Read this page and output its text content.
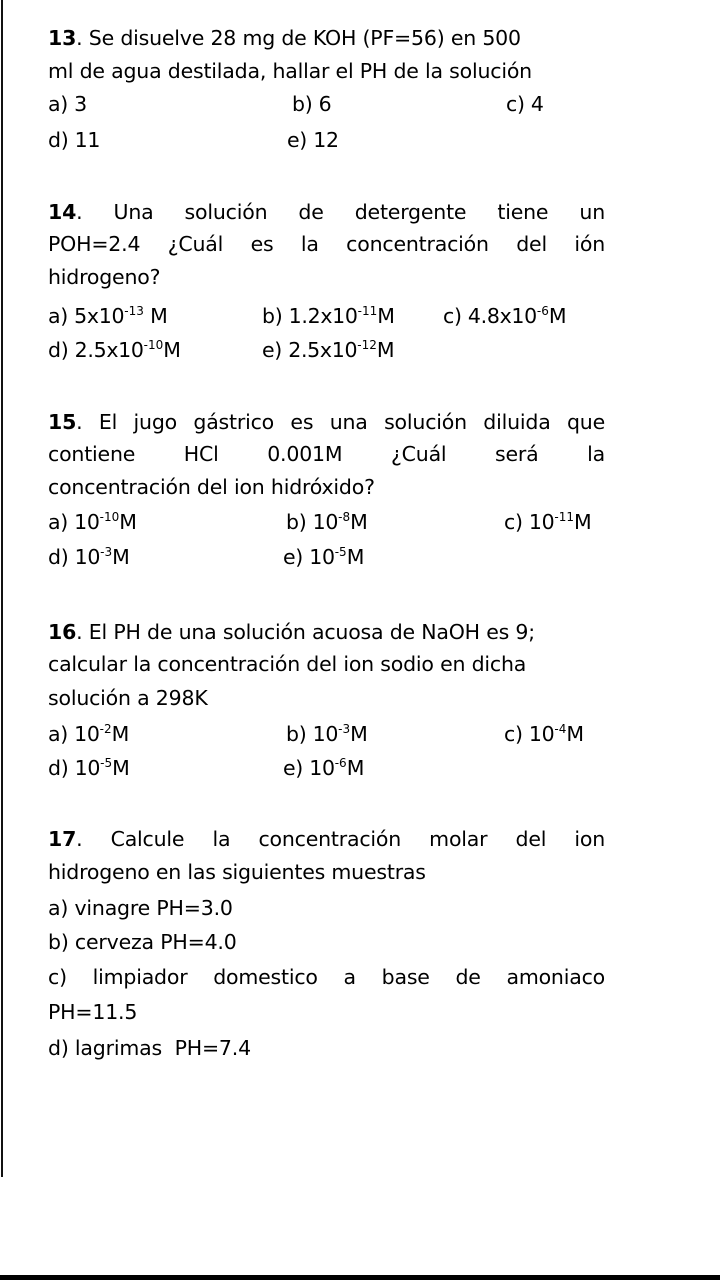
13. Se disuelve 28 mg de KOH (PF=56) en 500
ml de agua destilada, hallar el PH de la solución
a) 3	b) 6	c) 4
d) 11	e) 12
14. Una solución de detergente tiene un
POH=2.4 ¿Cuál es la concentración del ión
hidrogeno?
a) $5x10^{-13}$ M	b) $1.2x10^{-11}M$ c) $4.8x10^{-6}M$
d) $2.5x10^{-10}M$	e) $2.5x10^{-12}M$
15. El jugo gástrico es una solución diluida que
contiene HCl 0.001M ¿Cuál será la
concentración del ion hidróxido?
a) $10^{-10}M$	b) $10^{-8}M$	c) $10^{-11}M$
d) $10^{-3}M$	e) $10^{-5}M$
16. El PH de una solución acuosa de NaOH es 9;
calcular la concentración del ion sodio en dicha
solución a 298K
a) $10^{-2}M$	b) $10^{-3}M$	c) $10^{-4}M$
d) $10^{-5}M$	e) $10^{-6}M$
17. Calcule la concentración molar del ion
hidrogeno en las siguientes muestras
a) vinagre PH=3.0
b) cerveza PH=4.0
c) limpiador domestico a base de amoniaco
PH=11.5
d) lagrimas  PH=7.4
